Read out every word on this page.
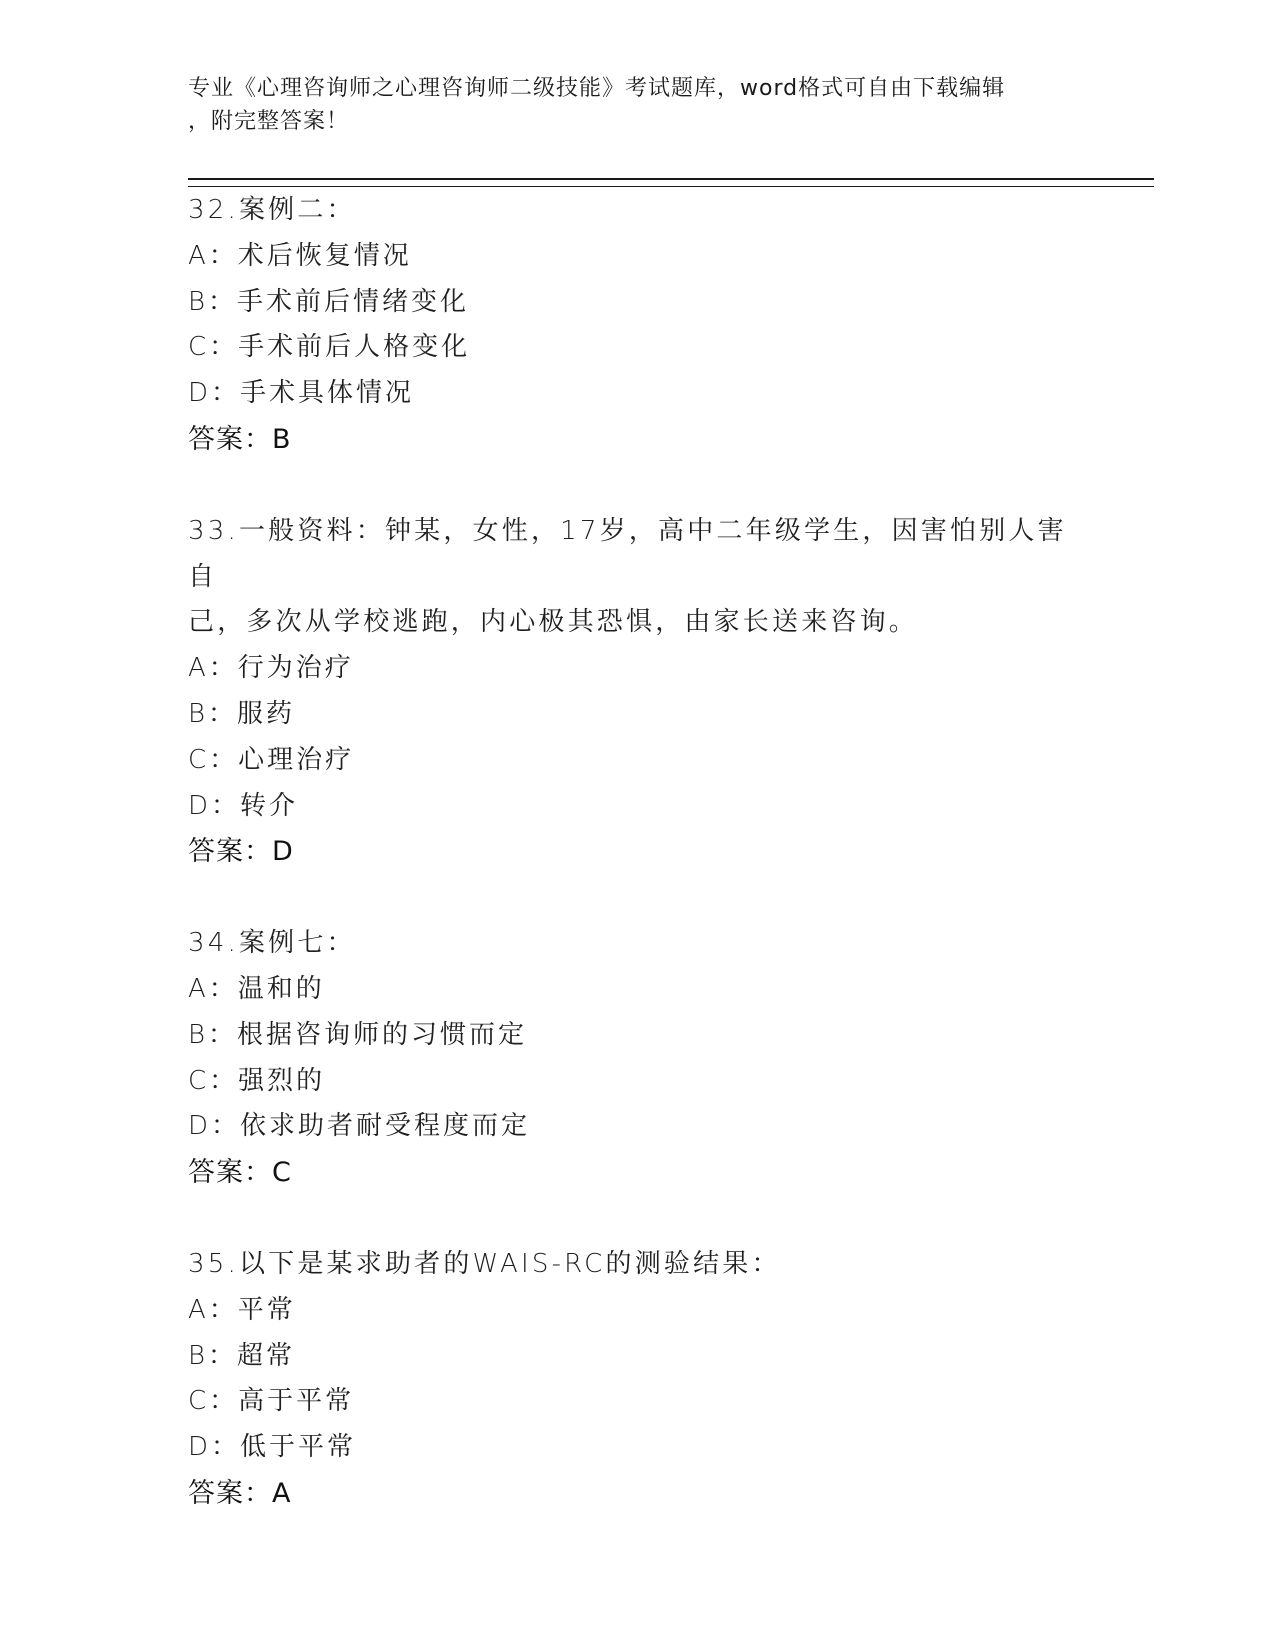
专业《心理咨询师之心理咨询师二级技能》考试题库，word格式可自由下载编辑
，附完整答案！
32.案例二：
A：术后恢复情况
B：手术前后情绪变化
C：手术前后人格变化
D：手术具体情况
答案：B
33.一般资料：钟某，女性，17岁，高中二年级学生，因害怕别人害自
己，多次从学校逃跑，内心极其恐惧，由家长送来咨询。
A：行为治疗
B：服药
C：心理治疗
D：转介
答案：D
34.案例七：
A：温和的
B：根据咨询师的习惯而定
C：强烈的
D：依求助者耐受程度而定
答案：C
35.以下是某求助者的WAIS-RC的测验结果：
A：平常
B：超常
C：高于平常
D：低于平常
答案：A
